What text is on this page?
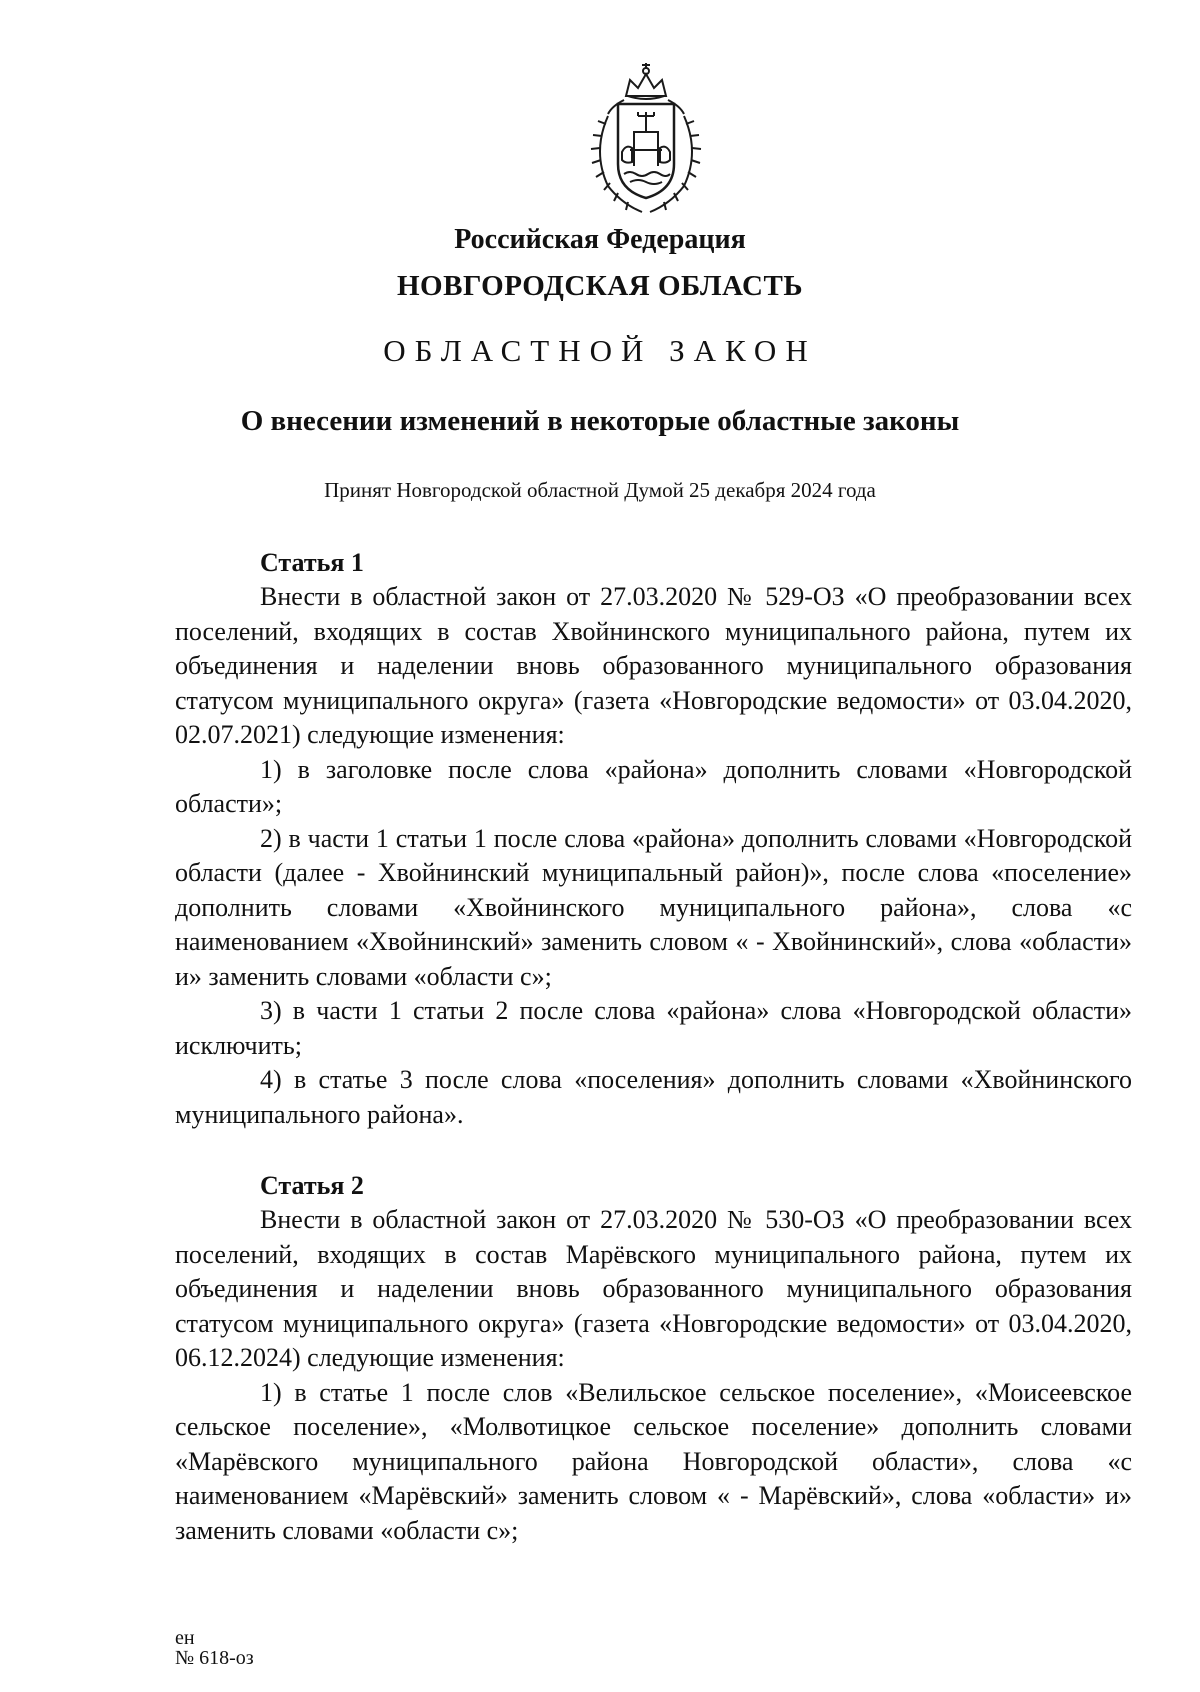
Российская Федерация
НОВГОРОДСКАЯ ОБЛАСТЬ
ОБЛАСТНОЙ ЗАКОН
О внесении изменений в некоторые областные законы
Принят Новгородской областной Думой 25 декабря 2024 года
Статья 1

Внести в областной закон от 27.03.2020 № 529-ОЗ «О преобразовании всех поселений, входящих в состав Хвойнинского муниципального района, путем их объединения и наделении вновь образованного муниципального образования статусом муниципального округа» (газета «Новгородские ведомости» от 03.04.2020, 02.07.2021) следующие изменения:

1) в заголовке после слова «района» дополнить словами «Новгородской области»;

2) в части 1 статьи 1 после слова «района» дополнить словами «Новгородской области (далее - Хвойнинский муниципальный район)», после слова «поселение» дополнить словами «Хвойнинского муниципального района», слова «с наименованием «Хвойнинский» заменить словом « - Хвойнинский», слова «области» и» заменить словами «области с»;

3) в части 1 статьи 2 после слова «района» слова «Новгородской области» исключить;

4) в статье 3 после слова «поселения» дополнить словами «Хвойнинского муниципального района».

Статья 2

Внести в областной закон от 27.03.2020 № 530-ОЗ «О преобразовании всех поселений, входящих в состав Марёвского муниципального района, путем их объединения и наделении вновь образованного муниципального образования статусом муниципального округа» (газета «Новгородские ведомости» от 03.04.2020, 06.12.2024) следующие изменения:

1) в статье 1 после слов «Велильское сельское поселение», «Моисеевское сельское поселение», «Молвотицкое сельское поселение» дополнить словами «Марёвского муниципального района Новгородской области», слова «с наименованием «Марёвский» заменить словом « - Марёвский», слова «области» и» заменить словами «области с»;

ен
№ 618-оз
